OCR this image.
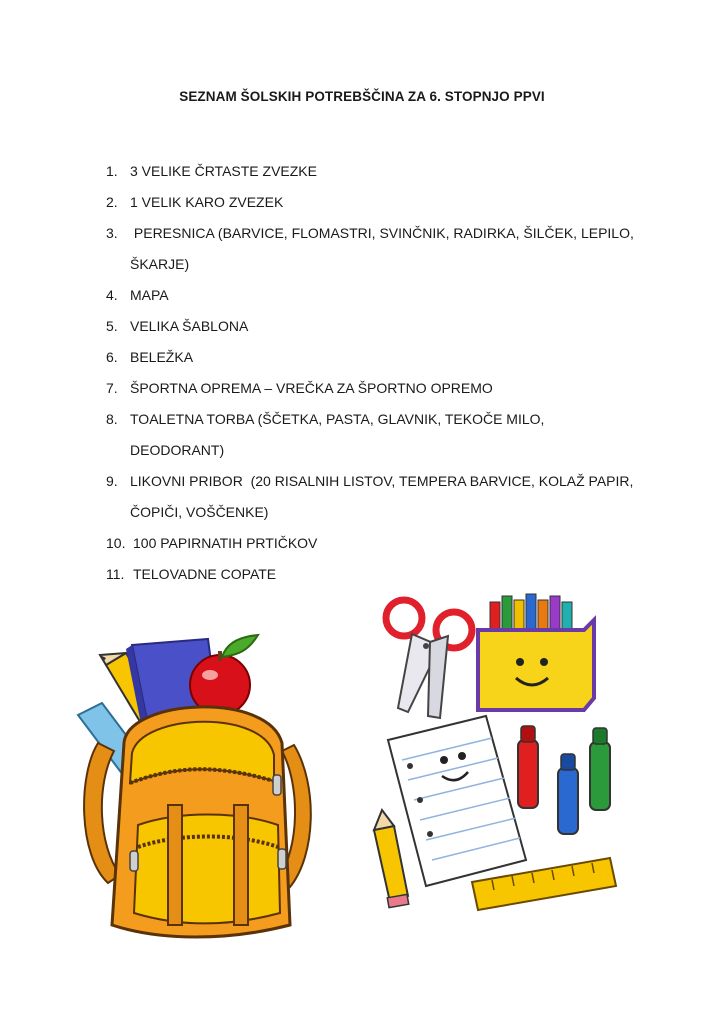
SEZNAM ŠOLSKIH POTREBŠČINA ZA 6. STOPNJO PPVI
1. 3 VELIKE ČRTASTE ZVEZKE
2. 1 VELIK KARO ZVEZEK
3. PERESNICA (BARVICE, FLOMASTRI, SVINČNIK, RADIRKA, ŠILČEK, LEPILO,
ŠKARJE)
4. MAPA
5. VELIKA ŠABLONA
6. BELEŽKA
7. ŠPORTNA OPREMA – VREČKA ZA ŠPORTNO OPREMO
8. TOALETNA TORBA (ŠČETKA, PASTA, GLAVNIK, TEKOČE MILO,
DEODORANT)
9. LIKOVNI PRIBOR  (20 RISALNIH LISTOV, TEMPERA BARVICE, KOLAŽ PAPIR,
ČOPIČI, VOŠČENKE)
10. 100 PAPIRNATIH PRTIČKOV
11. TELOVADNE COPATE
